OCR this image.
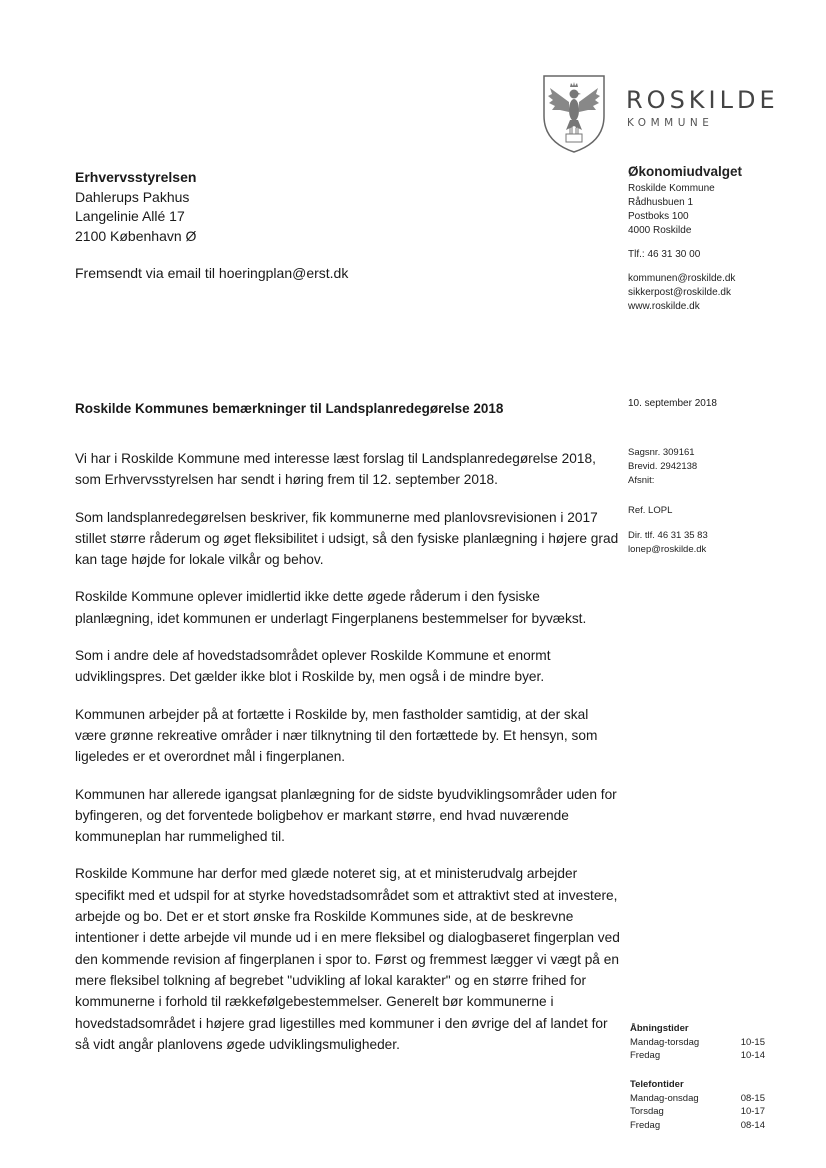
ROSKILDE
KOMMUNE
Erhvervsstyrelsen
Dahlerups Pakhus
Langelinie Allé 17
2100 København Ø
Fremsendt via email til hoeringplan@erst.dk
Økonomiudvalget
Roskilde Kommune
Rådhusbuen 1
Postboks 100
4000 Roskilde
Tlf.: 46 31 30 00
kommunen@roskilde.dk
sikkerpost@roskilde.dk
www.roskilde.dk
10. september 2018
Roskilde Kommunes bemærkninger til Landsplanredegørelse 2018
Sagsnr. 309161
Brevid. 2942138
Afsnit:
Ref. LOPL
Dir. tlf. 46 31 35 83
lonep@roskilde.dk

Vi har i Roskilde Kommune med interesse læst forslag til Landsplanredegørelse 2018, som Erhvervsstyrelsen har sendt i høring frem til 12. september 2018.

Som landsplanredegørelsen beskriver, fik kommunerne med planlovsrevisionen i 2017 stillet større råderum og øget fleksibilitet i udsigt, så den fysiske planlægning i højere grad kan tage højde for lokale vilkår og behov.

Roskilde Kommune oplever imidlertid ikke dette øgede råderum i den fysiske planlægning, idet kommunen er underlagt Fingerplanens bestemmelser for byvækst.

Som i andre dele af hovedstadsområdet oplever Roskilde Kommune et enormt udviklingspres. Det gælder ikke blot i Roskilde by, men også i de mindre byer.

Kommunen arbejder på at fortætte i Roskilde by, men fastholder samtidig, at der skal være grønne rekreative områder i nær tilknytning til den fortættede by. Et hensyn, som ligeledes er et overordnet mål i fingerplanen.

Kommunen har allerede igangsat planlægning for de sidste byudviklingsområder uden for byfingeren, og det forventede boligbehov er markant større, end hvad nuværende kommuneplan har rummelighed til.

Roskilde Kommune har derfor med glæde noteret sig, at et ministerudvalg arbejder specifikt med et udspil for at styrke hovedstadsområdet som et attraktivt sted at investere, arbejde og bo. Det er et stort ønske fra Roskilde Kommunes side, at de beskrevne intentioner i dette arbejde vil munde ud i en mere fleksibel og dialogbaseret fingerplan ved den kommende revision af fingerplanen i spor to. Først og fremmest lægger vi vægt på en mere fleksibel tolkning af begrebet "udvikling af lokal karakter" og en større frihed for kommunerne i forhold til rækkefølgebestemmelser. Generelt bør kommunerne i hovedstadsområdet i højere grad ligestilles med kommuner i den øvrige del af landet for så vidt angår planlovens øgede udviklingsmuligheder.

Åbningstider
Mandag-torsdag	10-15
Fredag	10-14
Telefontider
Mandag-onsdag	08-15
Torsdag	10-17
Fredag	08-14
